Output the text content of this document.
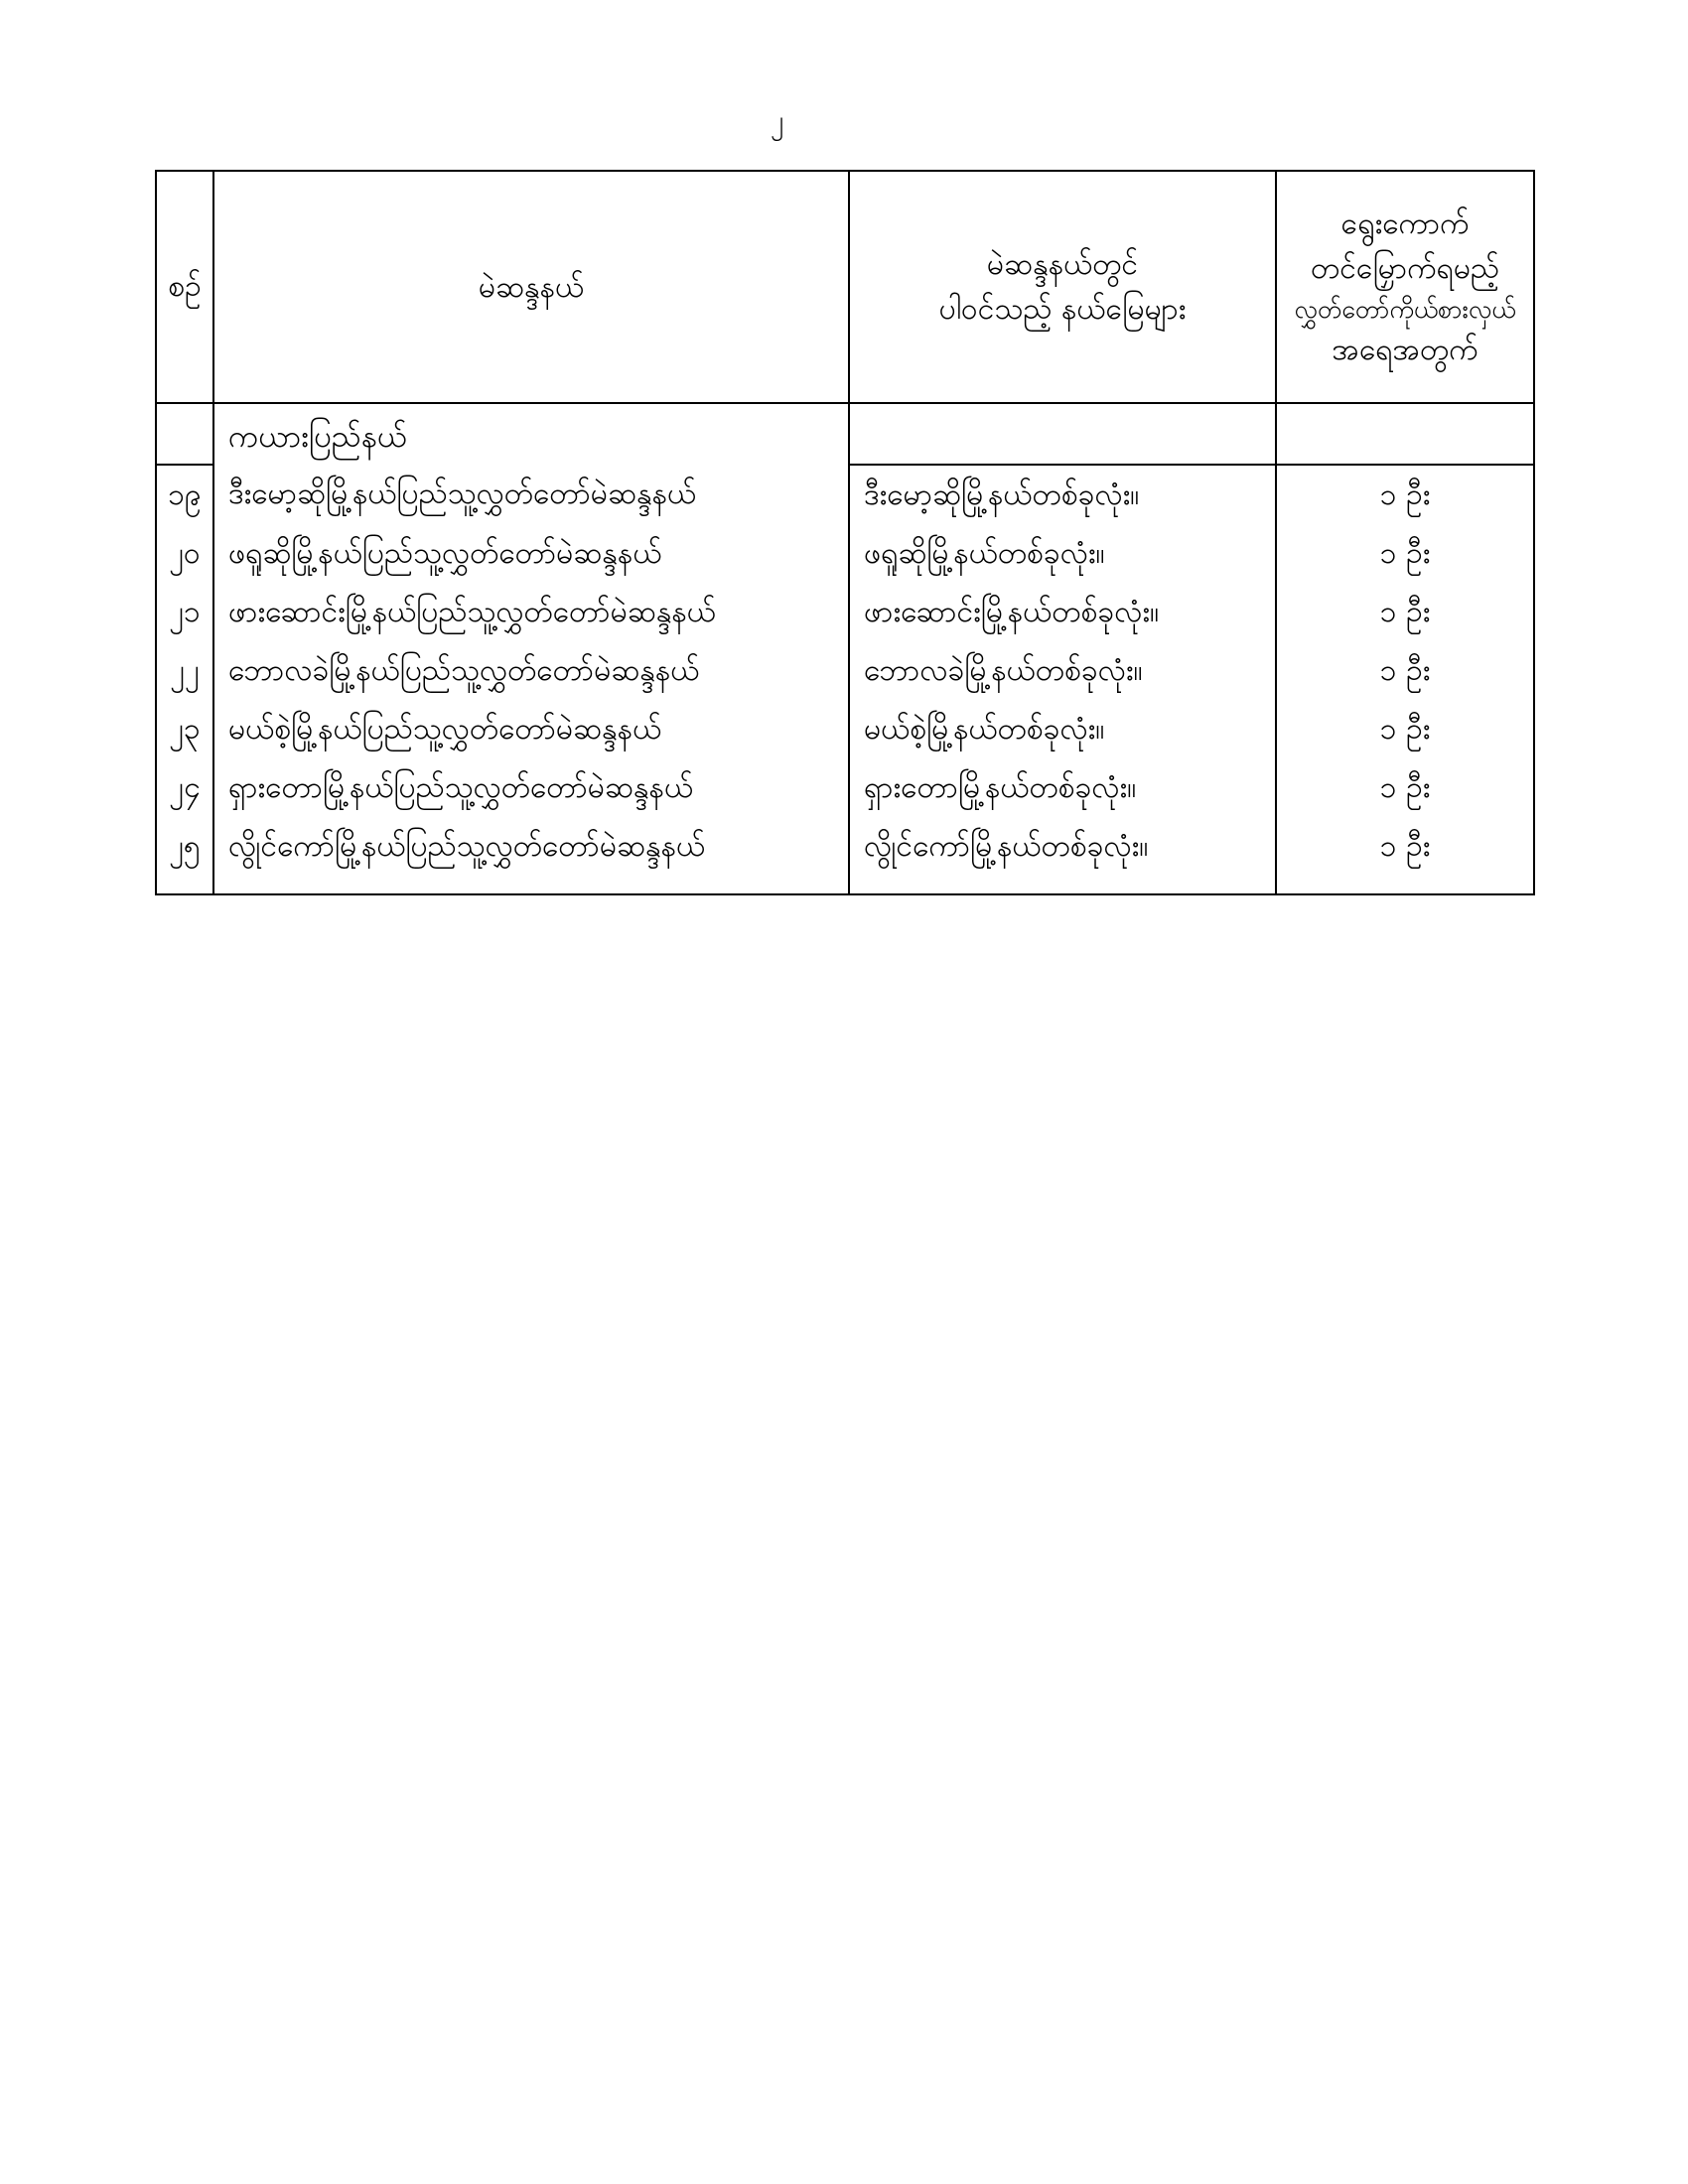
၂
စဉ်	မဲဆန္ဒနယ်

မဲဆန္ဒနယ်တွင်
ပါဝင်သည့် နယ်မြေများ

ရွေးကောက်
တင်မြှောက်ရမည့်
လွှတ်တော်ကိုယ်စားလှယ်
အရေအတွက်

	ကယားပြည်နယ်		

၁၉	ဒီးမော့ဆိုမြို့နယ်ပြည်သူ့လွှတ်တော်မဲဆန္ဒနယ်	ဒီးမော့ဆိုမြို့နယ်တစ်ခုလုံး။	၁ ဦး

၂၀	ဖရူဆိုမြို့နယ်ပြည်သူ့လွှတ်တော်မဲဆန္ဒနယ်	ဖရူဆိုမြို့နယ်တစ်ခုလုံး။	၁ ဦး

၂၁	ဖားဆောင်းမြို့နယ်ပြည်သူ့လွှတ်တော်မဲဆန္ဒနယ်	ဖားဆောင်းမြို့နယ်တစ်ခုလုံး။	၁ ဦး

၂၂	ဘောလခဲမြို့နယ်ပြည်သူ့လွှတ်တော်မဲဆန္ဒနယ်	ဘောလခဲမြို့နယ်တစ်ခုလုံး။	၁ ဦး

၂၃	မယ်စဲ့မြို့နယ်ပြည်သူ့လွှတ်တော်မဲဆန္ဒနယ်	မယ်စဲ့မြို့နယ်တစ်ခုလုံး။	၁ ဦး

၂၄	ရှားတောမြို့နယ်ပြည်သူ့လွှတ်တော်မဲဆန္ဒနယ်	ရှားတောမြို့နယ်တစ်ခုလုံး။	၁ ဦး

၂၅	လွိုင်ကော်မြို့နယ်ပြည်သူ့လွှတ်တော်မဲဆန္ဒနယ်	လွိုင်ကော်မြို့နယ်တစ်ခုလုံး။	၁ ဦး
